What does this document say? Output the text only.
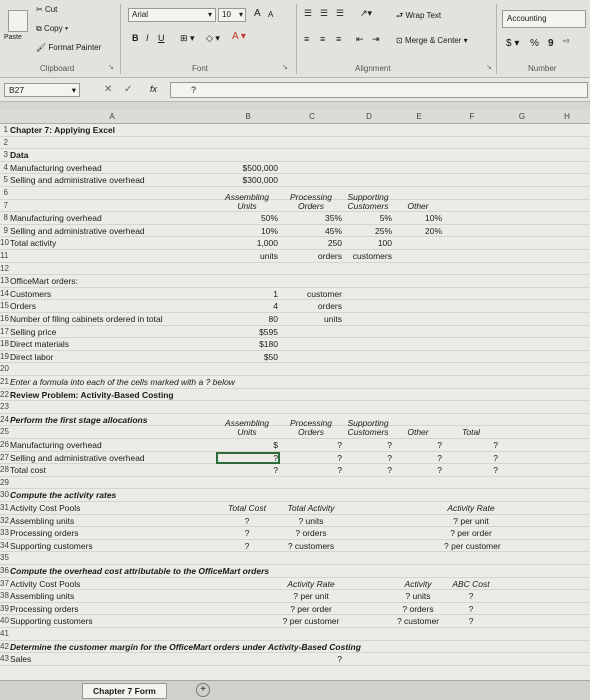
Paste
✂ Cut
⧉ Copy ▾
🖌 Format Painter
Clipboard	↘
Arial	▾	10 ▾ A A
B I U ⊞ ▾ ◇ ▾ A ▾
Font	↘
☰ ☰ ☰ ↗▾
≡ ≡ ≡ ⇤ ⇥
⮐ Wrap Text
⊡ Merge & Center ▾
Alignment	↘
Accounting
$ ▾ % 9 ⁺⁰
Number
B27	▾	✕ ✓ fx	?
A	B	C	D	E	F	G	H
1 Chapter 7: Applying Excel
2
3 Data
4 Manufacturing overhead	$500,000
5 Selling and administrative overhead	$300,000
6
7	Units	Orders	Customers	Other
8 Manufacturing overhead	50%	35%	5%	10%
9 Selling and administrative overhead	10%	45%	25%	20%
10 Total activity	1,000	250	100
11	units	orders	customers
12
13 OfficeMart orders:
14 Customers	1	customer
15 Orders	4	orders
16 Number of filing cabinets ordered in total	80	units
17 Selling price	$595
18 Direct materials	$180
19 Direct labor	$50
20
21 Enter a formula into each of the cells marked with a ? below
22 Review Problem: Activity-Based Costing
23
24 Perform the first stage allocations
25	Units	Orders	Customers	Other	Total
26 Manufacturing overhead	$	?	?	?	?
27 Selling and administrative overhead	?	?	?	?	?
28 Total cost	?	?	?	?	?
29
30 Compute the activity rates
31 Activity Cost Pools	Total Cost	Total Activity	Activity Rate
32 Assembling units	?	? units	? per unit
33 Processing orders	?	? orders	? per order
34 Supporting customers	?	? customers	? per customer
35
36 Compute the overhead cost attributable to the OfficeMart orders
37 Activity Cost Pools	Activity Rate	Activity	ABC Cost
38 Assembling units	? per unit	? units	?
39 Processing orders	? per order	? orders	?
40 Supporting customers	? per customer	? customer	?
41
42 Determine the customer margin for the OfficeMart orders under Activity-Based Costing
43 Sales	?
Assembling	Processing	Supporting
Assembling	Processing	Supporting
Chapter 7 Form	+
